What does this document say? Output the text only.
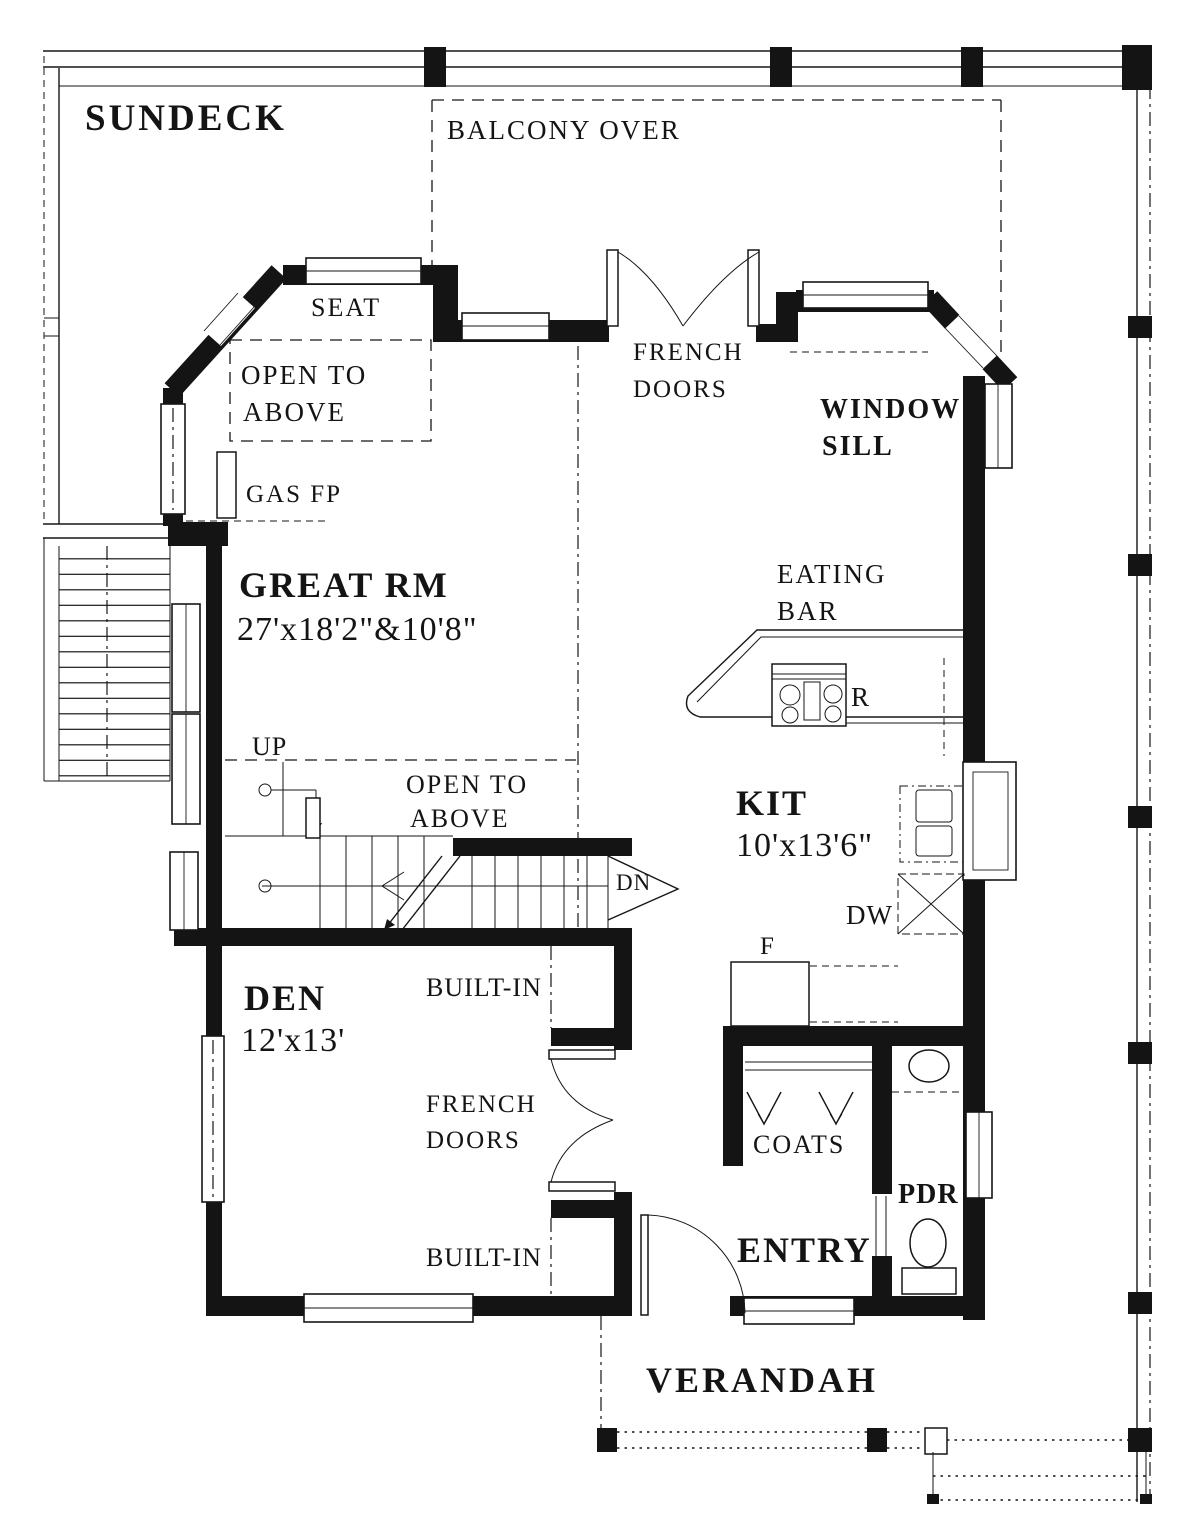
SUNDECK	BALCONY OVER
SEAT
OPEN TO
ABOVE
GAS FP
FRENCH
DOORS
WINDOW
SILL
GREAT RM
27'x18'2"&10'8"
EATING
BAR
R
KIT
10'x13'6"
DW
F
UP
OPEN TO
ABOVE
DN
DEN
12'x13'
BUILT-IN
FRENCH
DOORS	COATS
PDR
ENTRY
BUILT-IN
VERANDAH
